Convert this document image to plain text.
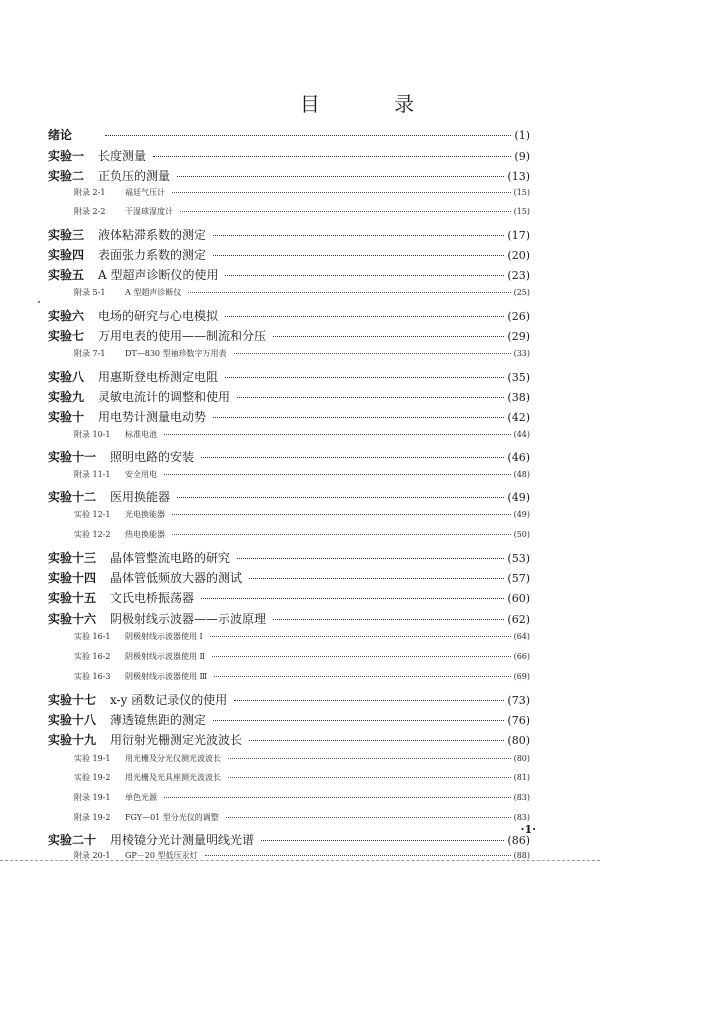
目 录
绪论	(1)
实验一	长度测量	(9)
实验二	正负压的测量	(13)
附录 2-1	福廷气压计	(15)
附录 2-2	干湿球湿度计	(15)
实验三	液体粘滞系数的测定	(17)
实验四	表面张力系数的测定	(20)
实验五	A 型超声诊断仪的使用	(23)
附录 5-1	A 型超声诊断仪	(25)
实验六	电场的研究与心电模拟	(26)
实验七	万用电表的使用——制流和分压	(29)
附录 7-1	DT—830 型袖珍数字万用表	(33)
实验八	用惠斯登电桥测定电阻	(35)
实验九	灵敏电流计的调整和使用	(38)
实验十	用电势计测量电动势	(42)
附录 10-1	标准电池	(44)
实验十一	照明电路的安装	(46)
附录 11-1	安全用电	(48)
实验十二	医用换能器	(49)
实验 12-1	光电换能器	(49)
实验 12-2	热电换能器	(50)
实验十三	晶体管整流电路的研究	(53)
实验十四	晶体管低频放大器的测试	(57)
实验十五	文氏电桥振荡器	(60)
实验十六	阴极射线示波器——示波原理	(62)
实验 16-1	阴极射线示波器使用 Ⅰ	(64)
实验 16-2	阴极射线示波器使用 Ⅱ	(66)
实验 16-3	阴极射线示波器使用 Ⅲ	(69)
实验十七	x-y 函数记录仪的使用	(73)
实验十八	薄透镜焦距的测定	(76)
实验十九	用衍射光栅测定光波波长	(80)
实验 19-1	用光栅及分光仪测光波波长	(80)
实验 19-2	用光栅及光具座测光波波长	(81)
附录 19-1	单色光源	(83)
附录 19-2	FGY—01 型分光仪的调整	(83)
实验二十	用棱镜分光计测量明线光谱	(86)
附录 20-1	GP－20 型低压汞灯	(88)
·1·
